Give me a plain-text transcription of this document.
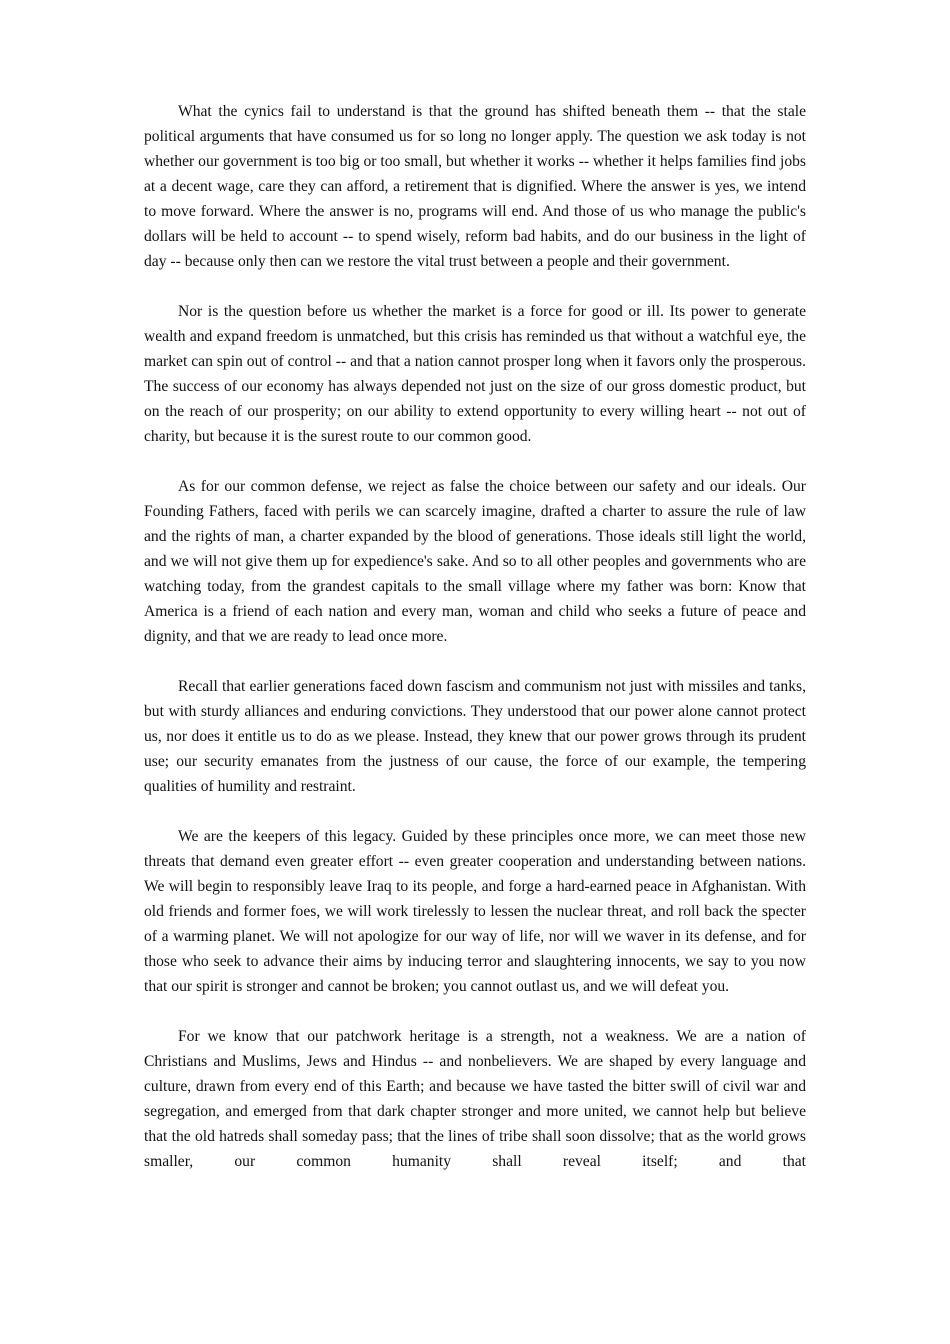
What the cynics fail to understand is that the ground has shifted beneath them -- that the stale political arguments that have consumed us for so long no longer apply. The question we ask today is not whether our government is too big or too small, but whether it works -- whether it helps families find jobs at a decent wage, care they can afford, a retirement that is dignified. Where the answer is yes, we intend to move forward. Where the answer is no, programs will end. And those of us who manage the public's dollars will be held to account -- to spend wisely, reform bad habits, and do our business in the light of day -- because only then can we restore the vital trust between a people and their government.

Nor is the question before us whether the market is a force for good or ill. Its power to generate wealth and expand freedom is unmatched, but this crisis has reminded us that without a watchful eye, the market can spin out of control -- and that a nation cannot prosper long when it favors only the prosperous. The success of our economy has always depended not just on the size of our gross domestic product, but on the reach of our prosperity; on our ability to extend opportunity to every willing heart -- not out of charity, but because it is the surest route to our common good.

As for our common defense, we reject as false the choice between our safety and our ideals. Our Founding Fathers, faced with perils we can scarcely imagine, drafted a charter to assure the rule of law and the rights of man, a charter expanded by the blood of generations. Those ideals still light the world, and we will not give them up for expedience's sake. And so to all other peoples and governments who are watching today, from the grandest capitals to the small village where my father was born: Know that America is a friend of each nation and every man, woman and child who seeks a future of peace and dignity, and that we are ready to lead once more.

Recall that earlier generations faced down fascism and communism not just with missiles and tanks, but with sturdy alliances and enduring convictions. They understood that our power alone cannot protect us, nor does it entitle us to do as we please. Instead, they knew that our power grows through its prudent use; our security emanates from the justness of our cause, the force of our example, the tempering qualities of humility and restraint.

We are the keepers of this legacy. Guided by these principles once more, we can meet those new threats that demand even greater effort -- even greater cooperation and understanding between nations. We will begin to responsibly leave Iraq to its people, and forge a hard-earned peace in Afghanistan. With old friends and former foes, we will work tirelessly to lessen the nuclear threat, and roll back the specter of a warming planet. We will not apologize for our way of life, nor will we waver in its defense, and for those who seek to advance their aims by inducing terror and slaughtering innocents, we say to you now that our spirit is stronger and cannot be broken; you cannot outlast us, and we will defeat you.

For we know that our patchwork heritage is a strength, not a weakness. We are a nation of Christians and Muslims, Jews and Hindus -- and nonbelievers. We are shaped by every language and culture, drawn from every end of this Earth; and because we have tasted the bitter swill of civil war and segregation, and emerged from that dark chapter stronger and more united, we cannot help but believe that the old hatreds shall someday pass; that the lines of tribe shall soon dissolve; that as the world grows smaller, our common humanity shall reveal itself; and that
